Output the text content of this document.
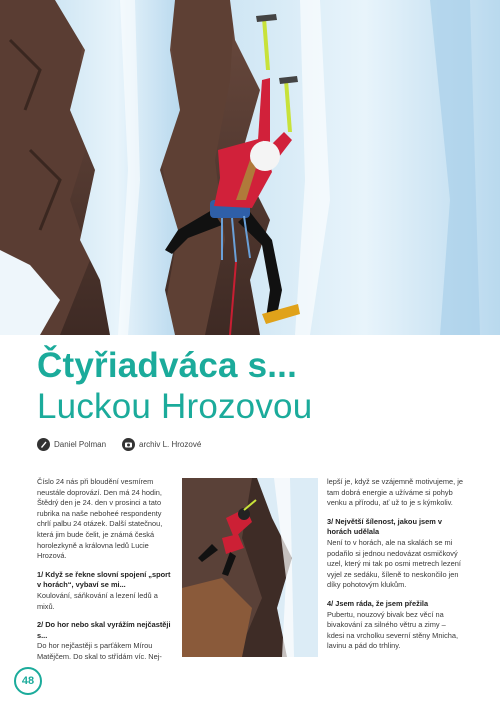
Čtyřiadváca s...
Luckou Hrozovou
Daniel Polman	archiv L. Hrozové

Číslo 24 nás při bloudění vesmírem neustále doprovází. Den má 24 hodin, Štědrý den je 24. den v prosinci a tato rubrika na naše neboheé respondenty chrlí palbu 24 otázek. Další statečnou, která jim bude čelit, je známá česká horolezkyně a královna ledů Lucie Hrozová.

1/ Když se řekne slovní spojení „sport v horách“, vybaví se mi...
Koulování, sáňkování a lezení ledů a mixů.

2/ Do hor nebo skal vyrážím nejčastěji s...
Do hor nejčastěji s parťákem Mírou Matějčem. Do skal to střídám víc. Nej-

lepší je, když se vzájemně motivujeme, je tam dobrá energie a užíváme si pohyb venku a přírodu, ať už to je s kýmkoliv.

3/ Největší šílenost, jakou jsem v horách udělala
Není to v horách, ale na skalách se mi podařilo si jednou nedovázat osmičkový uzel, který mi tak po osmi metrech lezení vyjel ze sedáku, šíleně to neskončilo jen díky pohotovým klukům.

4/ Jsem ráda, že jsem přežila
Pubertu, nouzový bivak bez věcí na bivakování za silného větru a zimy – kdesi na vrcholku severní stěny Mnicha, lavinu a pád do trhliny.

48
